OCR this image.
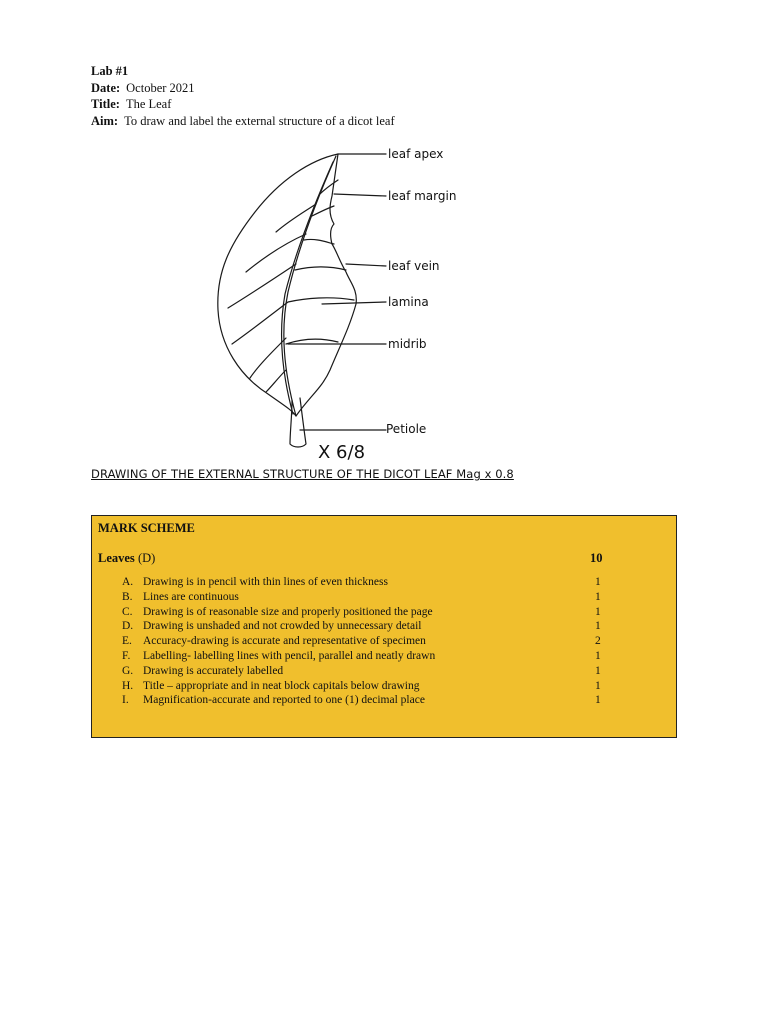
Lab #1
Date: October 2021
Title: The Leaf
Aim: To draw and label the external structure of a dicot leaf
leaf apex
leaf margin
leaf vein
lamina
midrib
Petiole
X 6/8
DRAWING OF THE EXTERNAL STRUCTURE OF THE DICOT LEAF Mag x 0.8
MARK SCHEME
Leaves (D)	10
A. Drawing is in pencil with thin lines of even thickness	1
B. Lines are continuous	1
C. Drawing is of reasonable size and properly positioned the page	1
D. Drawing is unshaded and not crowded by unnecessary detail	1
E. Accuracy-drawing is accurate and representative of specimen	2
F. Labelling- labelling lines with pencil, parallel and neatly drawn	1
G. Drawing is accurately labelled	1
H. Title – appropriate and in neat block capitals below drawing	1
I. Magnification-accurate and reported to one (1) decimal place	1
